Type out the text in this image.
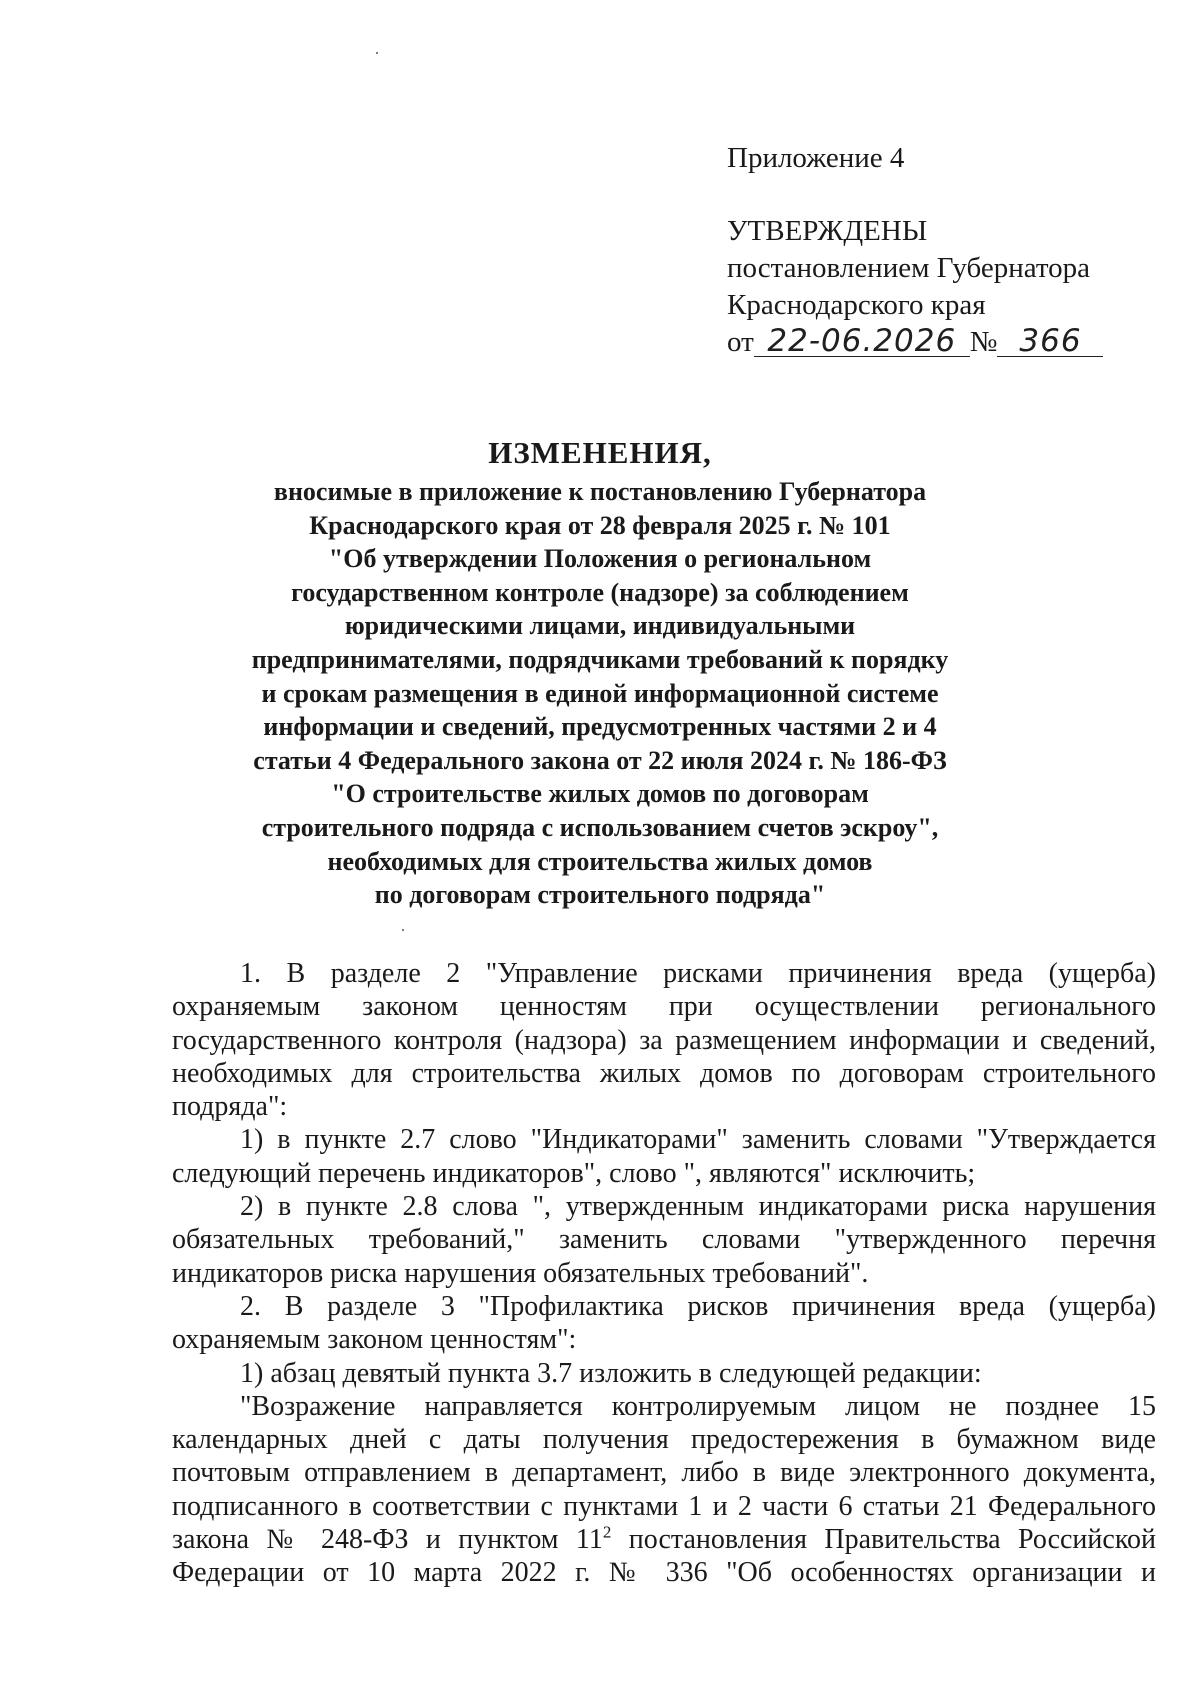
Приложение 4
УТВЕРЖДЕНЫ
постановлением Губернатора
Краснодарского края
от 22-06.2026 № 366
ИЗМЕНЕНИЯ,
вносимые в приложение к постановлению Губернатора
Краснодарского края от 28 февраля 2025 г. № 101
"Об утверждении Положения о региональном
государственном контроле (надзоре) за соблюдением
юридическими лицами, индивидуальными
предпринимателями, подрядчиками требований к порядку
и срокам размещения в единой информационной системе
информации и сведений, предусмотренных частями 2 и 4
статьи 4 Федерального закона от 22 июля 2024 г. № 186-ФЗ
"О строительстве жилых домов по договорам
строительного подряда с использованием счетов эскроу",
необходимых для строительства жилых домов
по договорам строительного подряда"

1. В разделе 2 "Управление рисками причинения вреда (ущерба) охраняемым законом ценностям при осуществлении регионального государственного контроля (надзора) за размещением информации и сведений, необходимых для строительства жилых домов по договорам строительного подряда":

1) в пункте 2.7 слово "Индикаторами" заменить словами "Утверждается следующий перечень индикаторов", слово ", являются" исключить;

2) в пункте 2.8 слова ", утвержденным индикаторами риска нарушения обязательных требований," заменить словами "утвержденного перечня индикаторов риска нарушения обязательных требований".

2. В разделе 3 "Профилактика рисков причинения вреда (ущерба) охраняемым законом ценностям":

1) абзац девятый пункта 3.7 изложить в следующей редакции:

"Возражение направляется контролируемым лицом не позднее 15 календарных дней с даты получения предостережения в бумажном виде почтовым отправлением в департамент, либо в виде электронного документа, подписанного в соответствии с пунктами 1 и 2 части 6 статьи 21 Федерального закона № 248-ФЗ и пунктом $11^2$ постановления Правительства Российской Федерации от 10 марта 2022 г. № 336 "Об особенностях организации и
